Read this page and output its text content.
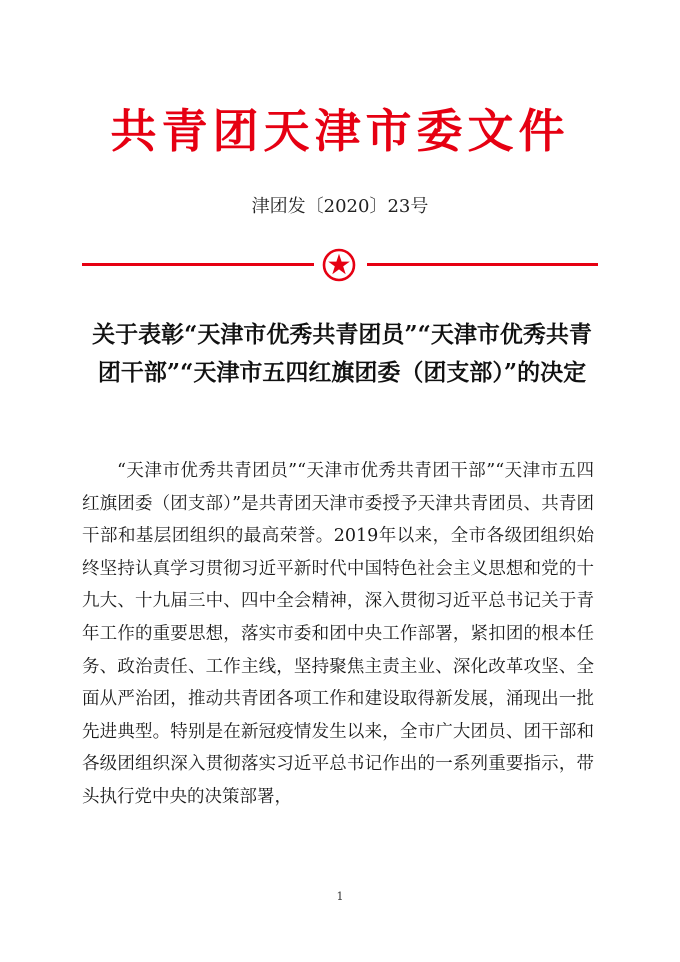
共青团天津市委文件
津团发〔2020〕23号
关于表彰“天津市优秀共青团员”“天津市优秀共青团干部”“天津市五四红旗团委（团支部）”的决定

“天津市优秀共青团员”“天津市优秀共青团干部”“天津市五四红旗团委（团支部）”是共青团天津市委授予天津共青团员、共青团干部和基层团组织的最高荣誉。2019年以来，全市各级团组织始终坚持认真学习贯彻习近平新时代中国特色社会主义思想和党的十九大、十九届三中、四中全会精神，深入贯彻习近平总书记关于青年工作的重要思想，落实市委和团中央工作部署，紧扣团的根本任务、政治责任、工作主线，坚持聚焦主责主业、深化改革攻坚、全面从严治团，推动共青团各项工作和建设取得新发展，涌现出一批先进典型。特别是在新冠疫情发生以来，全市广大团员、团干部和各级团组织深入贯彻落实习近平总书记作出的一系列重要指示，带头执行党中央的决策部署，

1
